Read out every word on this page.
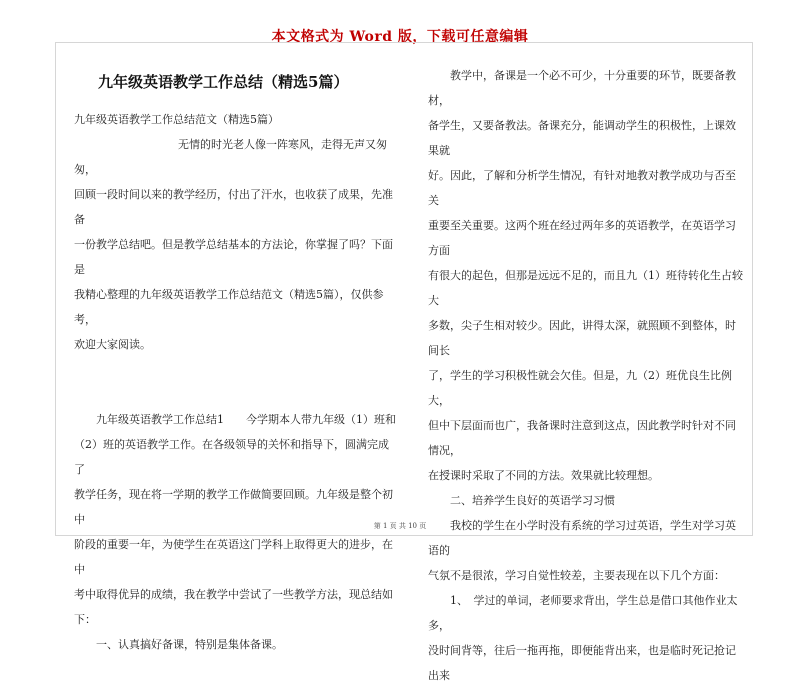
本文格式为 Word 版，下载可任意编辑
九年级英语教学工作总结（精选5篇）

九年级英语教学工作总结范文（精选5篇）

无情的时光老人像一阵寒风，走得无声又匆匆，

回顾一段时间以来的教学经历，付出了汗水，也收获了成果，先准备

一份教学总结吧。但是教学总结基本的方法论，你掌握了吗？下面是

我精心整理的九年级英语教学工作总结范文（精选5篇），仅供参考，

欢迎大家阅读。

九年级英语教学工作总结1　　今学期本人带九年级（1）班和

（2）班的英语教学工作。在各级领导的关怀和指导下，圆满完成了

教学任务，现在将一学期的教学工作做简要回顾。九年级是整个初中

阶段的重要一年，为使学生在英语这门学科上取得更大的进步，在中

考中取得优异的成绩，我在教学中尝试了一些教学方法，现总结如下：

一、认真搞好备课，特别是集体备课。

教学中，备课是一个必不可少，十分重要的环节，既要备教材，

备学生，又要备教法。备课充分，能调动学生的积极性，上课效果就

好。因此，了解和分析学生情况，有针对地教对教学成功与否至关

重要至关重要。这两个班在经过两年多的英语教学，在英语学习方面

有很大的起色，但那是远远不足的，而且九（1）班待转化生占较大

多数，尖子生相对较少。因此，讲得太深，就照顾不到整体，时间长

了，学生的学习积极性就会欠佳。但是，九（2）班优良生比例大，

但中下层面而也广，我备课时注意到这点，因此教学时针对不同情况，

在授课时采取了不同的方法。效果就比较理想。

二、培养学生良好的英语学习习惯

我校的学生在小学时没有系统的学习过英语，学生对学习英语的

气氛不是很浓，学习自觉性较差，主要表现在以下几个方面：

1、　学过的单词，老师要求背出，学生总是借口其他作业太多，

没时间背等，往后一拖再拖，即便能背出来，也是临时死记抢记出来

第 1 页 共 10 页
